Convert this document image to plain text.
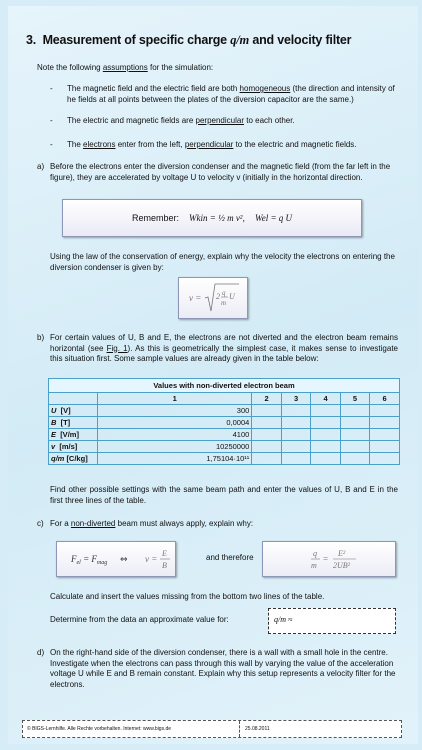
3. Measurement of specific charge q/m and velocity filter
Note the following assumptions for the simulation:
- The magnetic field and the electric field are both homogeneous (the direction and intensity of he fields at all points between the plates of the diversion capacitor are the same.)
- The electric and magnetic fields are perpendicular to each other.
- The electrons enter from the left, perpendicular to the electric and magnetic fields.
a) Before the electrons enter the diversion condenser and the magnetic field (from the far left in the figure), they are accelerated by voltage U to velocity v (initially in the horizontal direction.
Remember: Wkin = ½ m v²,    Wel = q U
Using the law of the conservation of energy, explain why the velocity the electrons on entering the diversion condenser is given by:
v = 2 q
m
U
b) For certain values of U, B and E, the electrons are not diverted and the electron beam remains horizontal (see Fig. 1). As this is geometrically the simplest case, it makes sense to investigate this situation first. Some sample values are already given in the table below:
Values with non-diverted electron beam						
	1	2	3	4	5	6
U [V]	300					
B [T]	0,0004					
E [V/m]	4100					
v [m/s]	10250000					
q/m [C/kg]	1,75104·10¹¹					
Find other possible settings with the same beam path and enter the values of U, B and E in the first three lines of the table.
c) For a non-diverted beam must always apply, explain why:
$F_{el} = F_{mag}$ ⇔ v =
E
B
and therefore	q
m
=
E²
2UB²
Calculate and insert the values missing from the bottom two lines of the table.
Determine from the data an approximate value for:	q/m ≈
d) On the right-hand side of the diversion condenser, there is a wall with a small hole in the centre. Investigate when the electrons can pass through this wall by varying the value of the acceleration voltage U while E and B remain constant. Explain why this setup represents a velocity filter for the electrons.
© BIGS-Lernhilfe. Alle Rechte vorbehalten. Internet: www.bigs.de	25.08.2011
